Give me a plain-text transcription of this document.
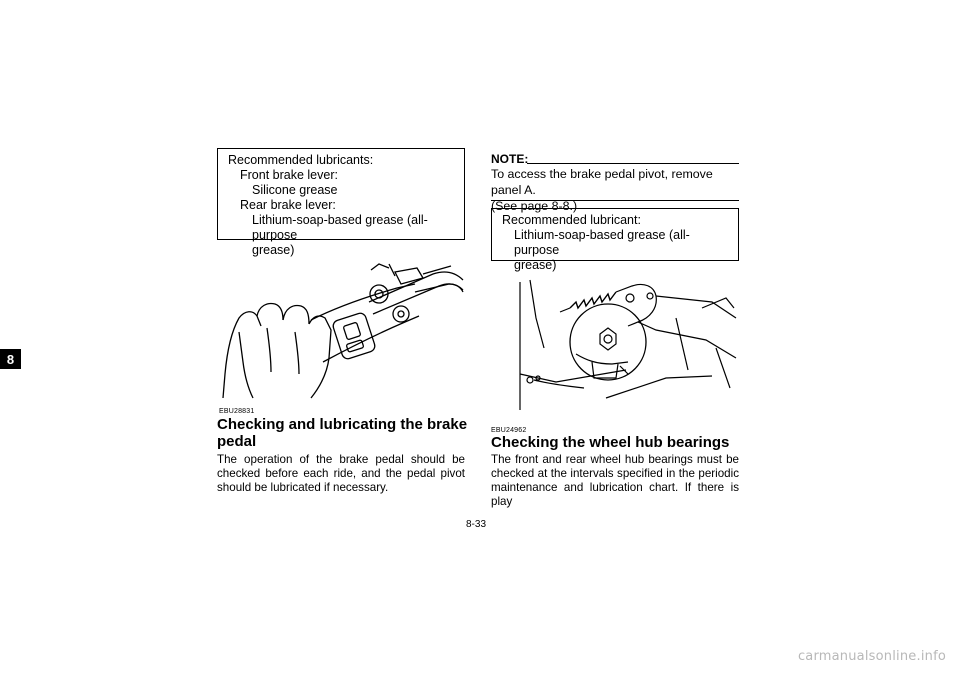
8
Recommended lubricants:
Front brake lever:
Silicone grease
Rear brake lever:
Lithium-soap-based grease (all-purpose
grease)
EBU28831
Checking and lubricating the brake
pedal
The operation of the brake pedal should be
checked before each ride, and the pedal pivot
should be lubricated if necessary.
NOTE:
To access the brake pedal pivot, remove panel A.
(See page 8-8.)
Recommended lubricant:
Lithium-soap-based grease (all-purpose
grease)
EBU24962
Checking the wheel hub bearings
The front and rear wheel hub bearings must be
checked at the intervals specified in the periodic
maintenance and lubrication chart. If there is play
8-33
carmanualsonline.info
